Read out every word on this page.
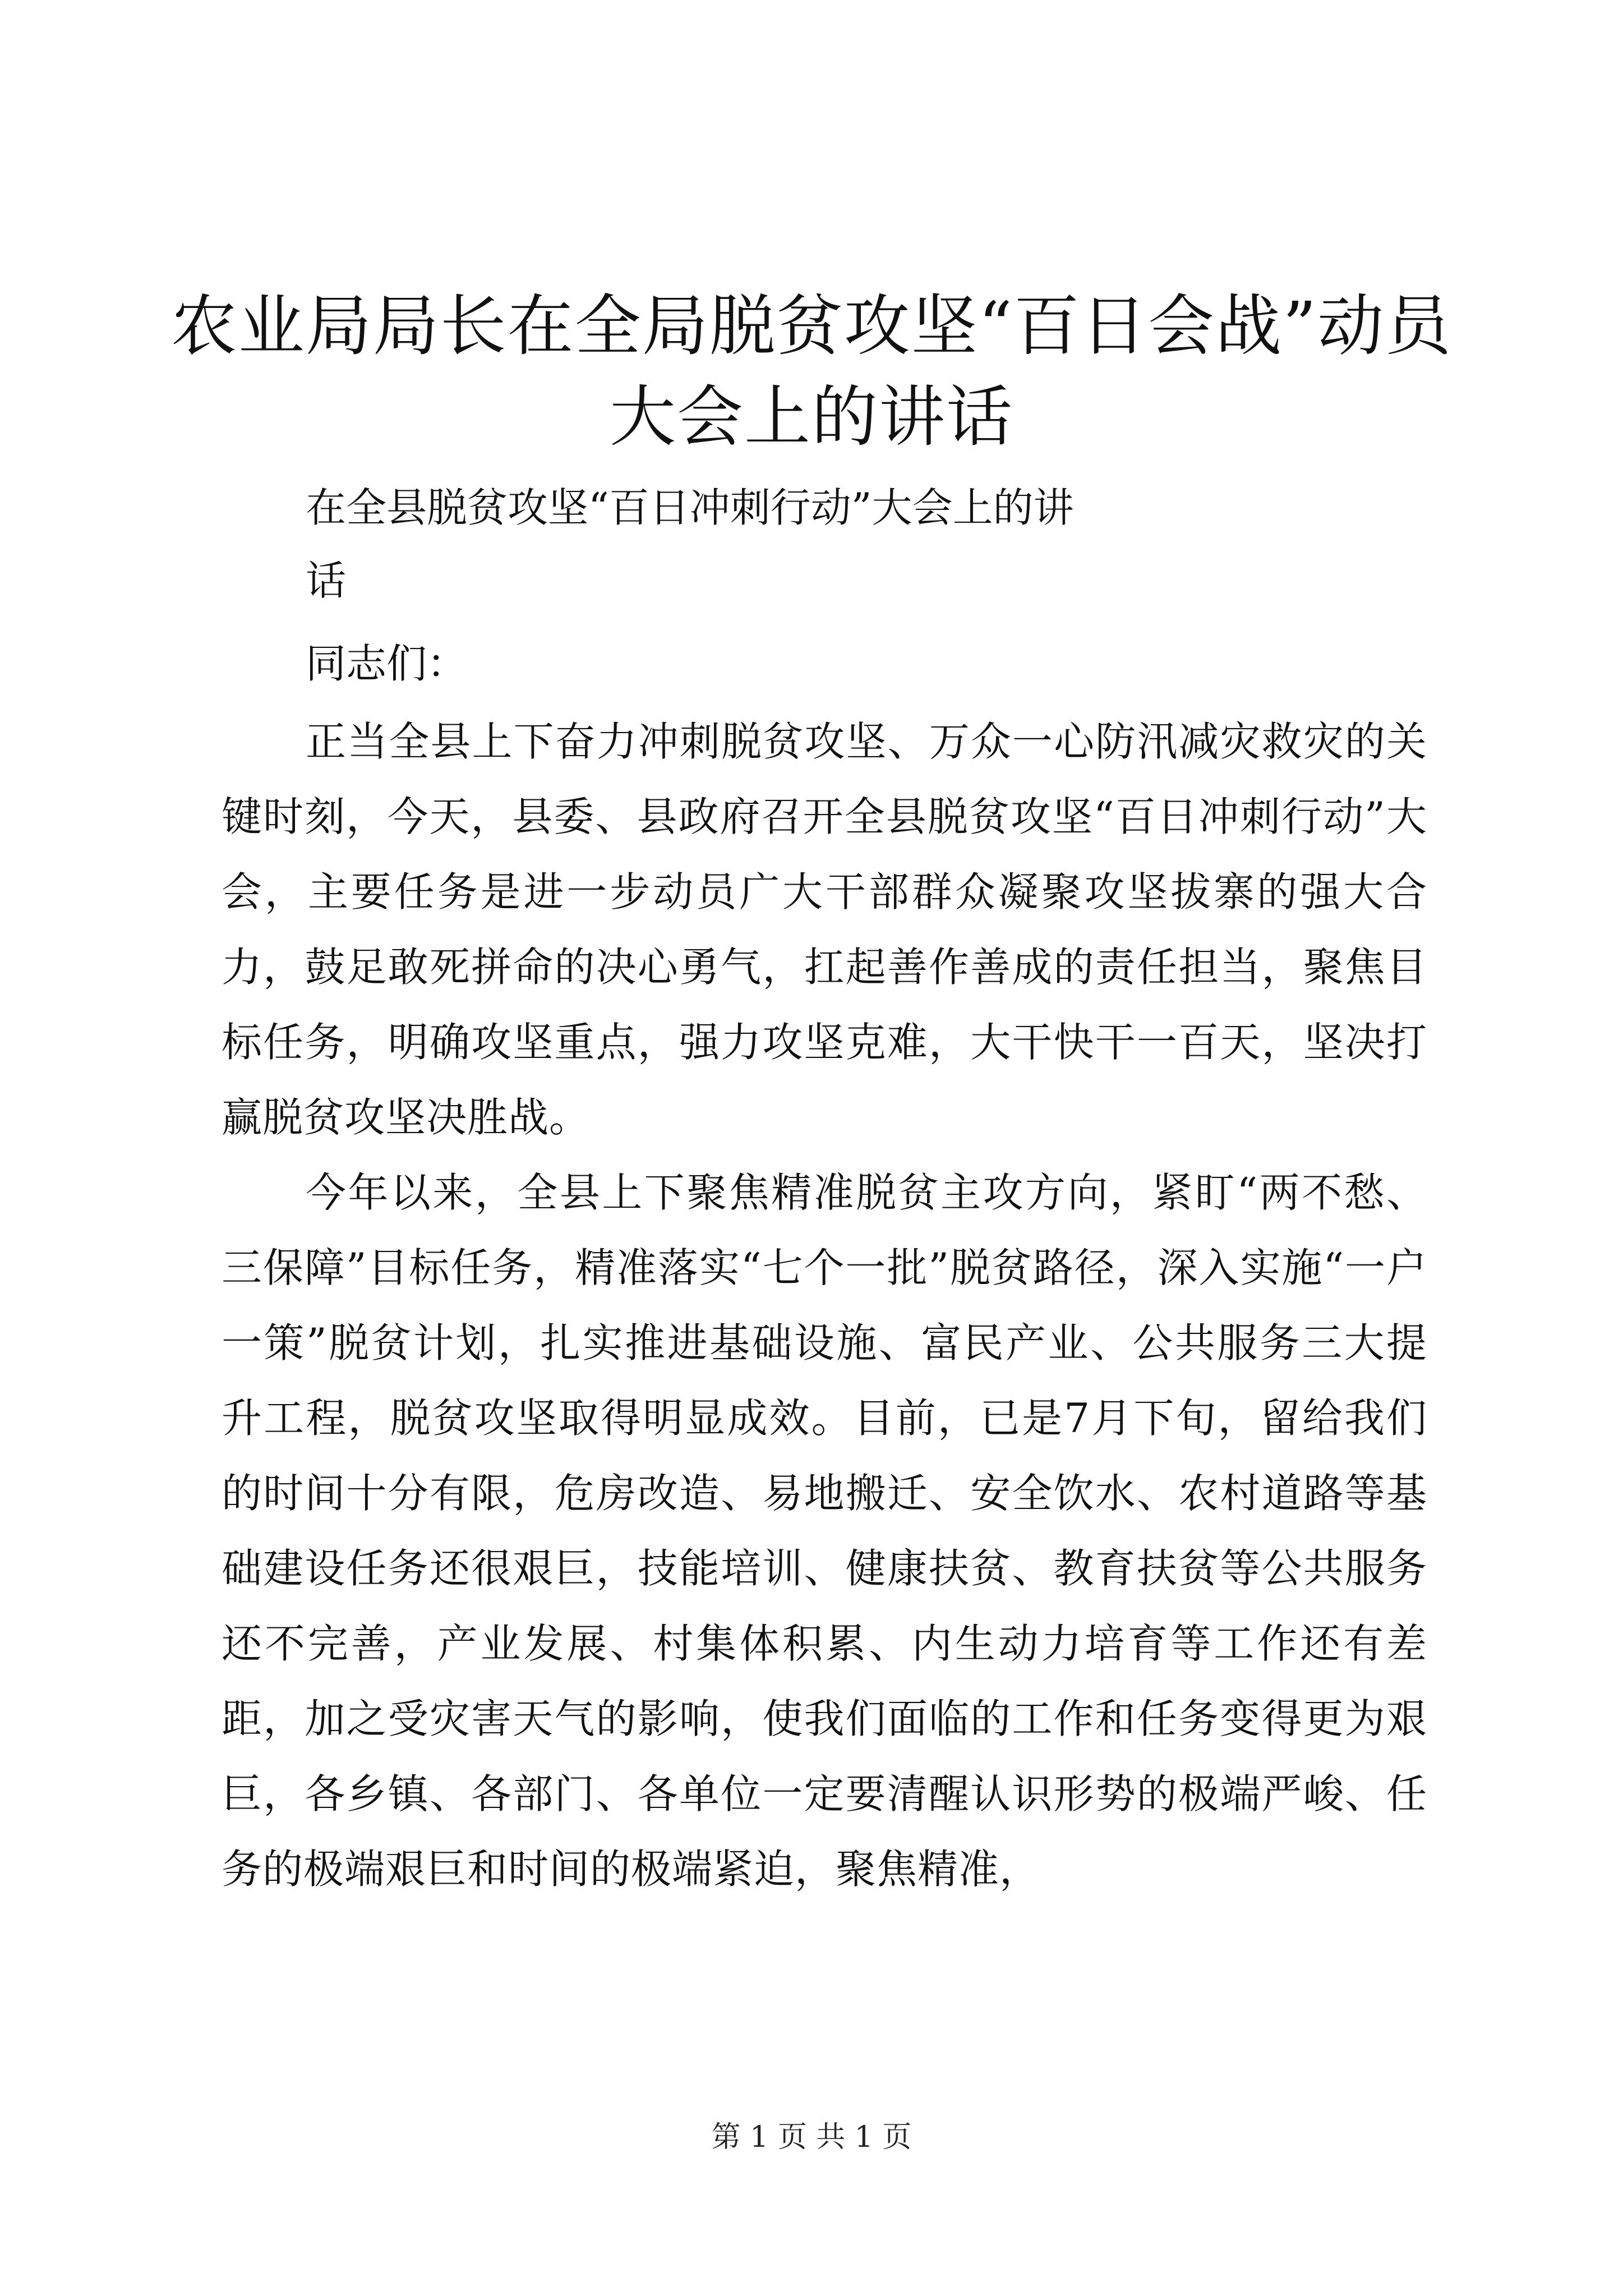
农业局局长在全局脱贫攻坚“百日会战”动员
大会上的讲话
在全县脱贫攻坚“百日冲刺行动”大会上的讲
话
同志们：

正当全县上下奋力冲刺脱贫攻坚、万众一心防汛减灾救灾的关键时刻，今天，县委、县政府召开全县脱贫攻坚“百日冲刺行动”大会，主要任务是进一步动员广大干部群众凝聚攻坚拔寨的强大合力，鼓足敢死拼命的决心勇气，扛起善作善成的责任担当，聚焦目标任务，明确攻坚重点，强力攻坚克难，大干快干一百天，坚决打赢脱贫攻坚决胜战。

今年以来，全县上下聚焦精准脱贫主攻方向，紧盯“两不愁、三保障”目标任务，精准落实“七个一批”脱贫路径，深入实施“一户一策”脱贫计划，扎实推进基础设施、富民产业、公共服务三大提升工程，脱贫攻坚取得明显成效。目前，已是7月下旬，留给我们的时间十分有限，危房改造、易地搬迁、安全饮水、农村道路等基础建设任务还很艰巨，技能培训、健康扶贫、教育扶贫等公共服务还不完善，产业发展、村集体积累、内生动力培育等工作还有差距，加之受灾害天气的影响，使我们面临的工作和任务变得更为艰巨，各乡镇、各部门、各单位一定要清醒认识形势的极端严峻、任务的极端艰巨和时间的极端紧迫，聚焦精准，

第 1 页 共 1 页
